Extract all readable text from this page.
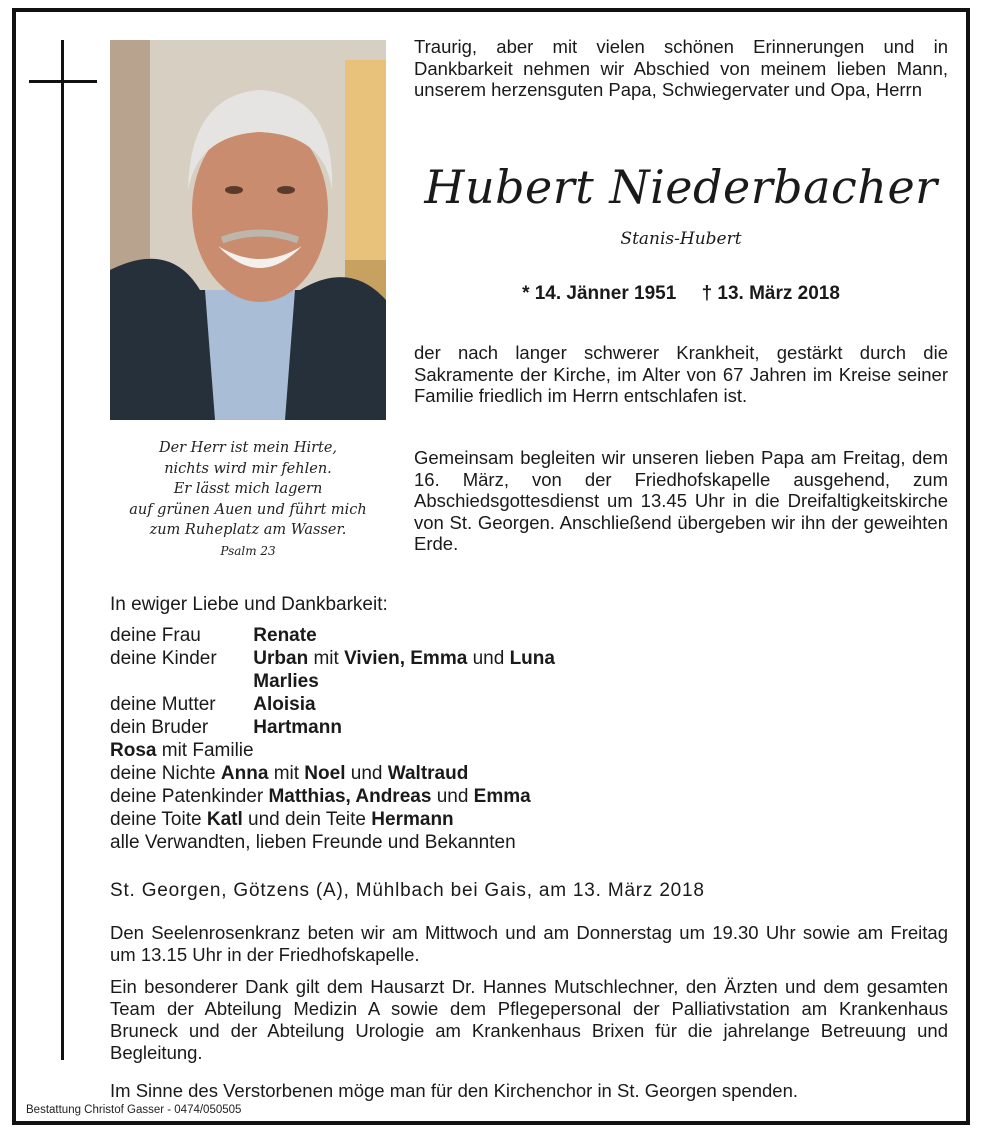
Der Herr ist mein Hirte,
nichts wird mir fehlen.
Er lässt mich lagern
auf grünen Auen und führt mich
zum Ruheplatz am Wasser.
Psalm 23
Traurig, aber mit vielen schönen Erinnerungen und in Dankbarkeit nehmen wir Abschied von meinem lieben Mann, unserem herzensguten Papa, Schwiegervater und Opa, Herrn
Hubert Niederbacher
Stanis-Hubert
* 14. Jänner 1951 † 13. März 2018
der nach langer schwerer Krankheit, gestärkt durch die Sakramente der Kirche, im Alter von 67 Jahren im Kreise seiner Familie friedlich im Herrn entschlafen ist.
Gemeinsam begleiten wir unseren lieben Papa am Freitag, dem 16. März, von der Friedhofskapelle ausgehend, zum Abschiedsgottesdienst um 13.45 Uhr in die Dreifaltigkeitskirche von St. Georgen. Anschließend übergeben wir ihn der geweihten Erde.
In ewiger Liebe und Dankbarkeit:
deine Frau	Renate
deine Kinder Urban mit Vivien, Emma und Luna
Marlies
deine Mutter Aloisia
dein Bruder Hartmann
Rosa mit Familie
deine Nichte Anna mit Noel und Waltraud
deine Patenkinder Matthias, Andreas und Emma
deine Toite Katl und dein Teite Hermann
alle Verwandten, lieben Freunde und Bekannten
St. Georgen, Götzens (A), Mühlbach bei Gais, am 13. März 2018
Den Seelenrosenkranz beten wir am Mittwoch und am Donnerstag um 19.30 Uhr sowie am Freitag um 13.15 Uhr in der Friedhofskapelle.
Ein besonderer Dank gilt dem Hausarzt Dr. Hannes Mutschlechner, den Ärzten und dem gesamten Team der Abteilung Medizin A sowie dem Pflegepersonal der Palliativstation am Krankenhaus Bruneck und der Abteilung Urologie am Krankenhaus Brixen für die jahrelange Betreuung und Begleitung.
Im Sinne des Verstorbenen möge man für den Kirchenchor in St. Georgen spenden.
Bestattung Christof Gasser - 0474/050505
